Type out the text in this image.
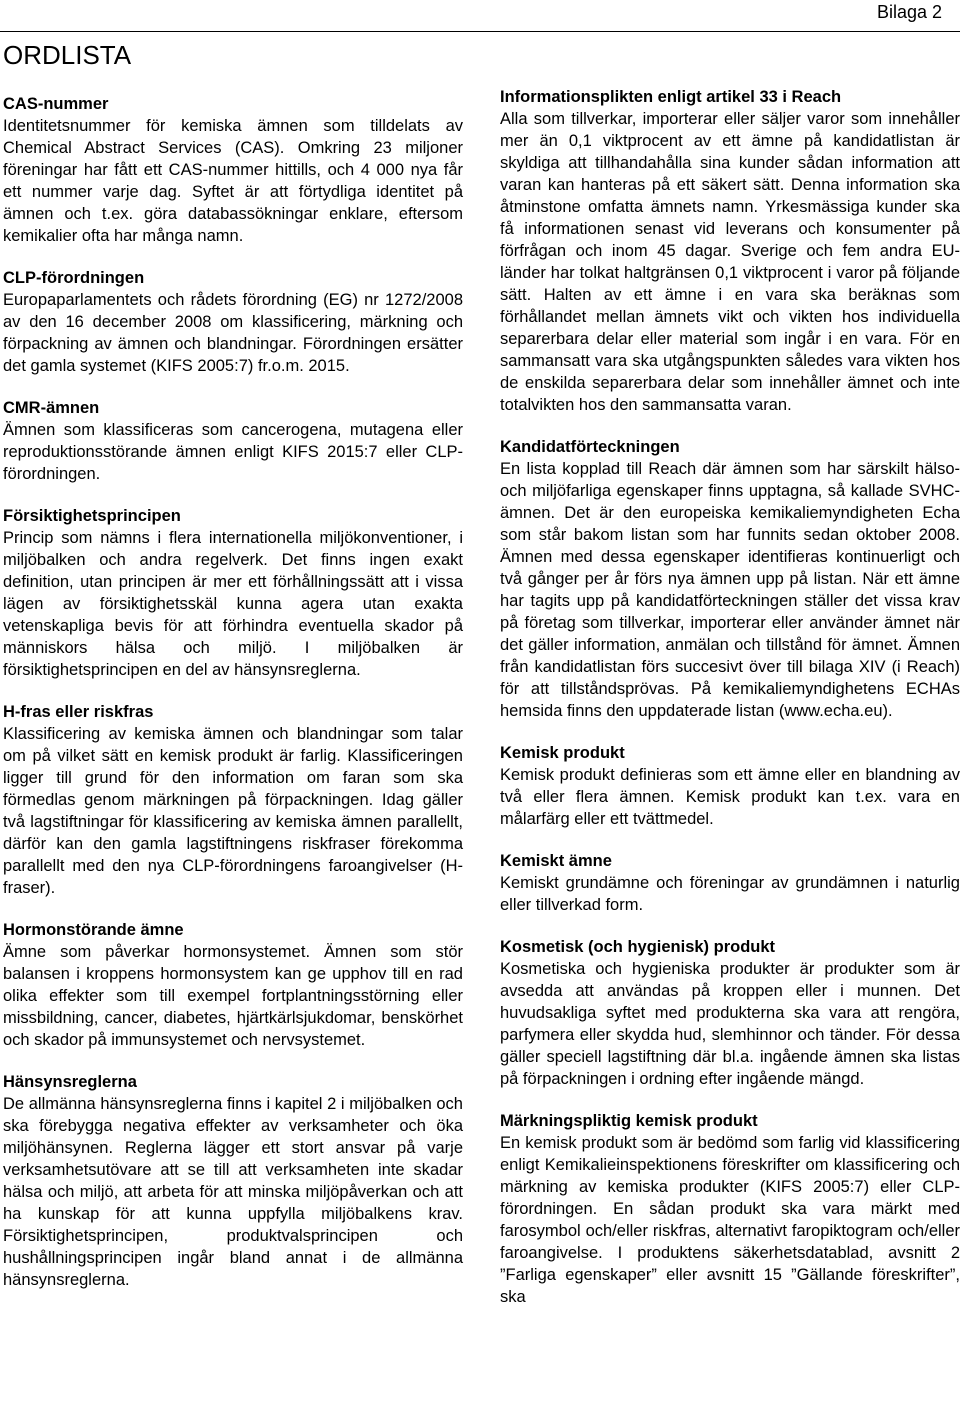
Bilaga 2
ORDLISTA
CAS-nummer
Identitetsnummer för kemiska ämnen som tilldelats av Chemical Abstract Services (CAS). Omkring 23 miljoner föreningar har fått ett CAS-nummer hittills, och 4 000 nya får ett nummer varje dag. Syftet är att förtydliga identitet på ämnen och t.ex. göra databassökningar enklare, eftersom kemikalier ofta har många namn.
CLP-förordningen
Europaparlamentets och rådets förordning (EG) nr 1272/2008 av den 16 december 2008 om klassificering, märkning och förpackning av ämnen och blandningar. Förordningen ersätter det gamla systemet (KIFS 2005:7) fr.o.m. 2015.
CMR-ämnen
Ämnen som klassificeras som cancerogena, mutagena eller reproduktionsstörande ämnen enligt KIFS 2015:7 eller CLP-förordningen.
Försiktighetsprincipen
Princip som nämns i flera internationella miljökonventioner, i miljöbalken och andra regelverk. Det finns ingen exakt definition, utan principen är mer ett förhållningssätt att i vissa lägen av försiktighetsskäl kunna agera utan exakta vetenskapliga bevis för att förhindra eventuella skador på människors hälsa och miljö. I miljöbalken är försiktighetsprincipen en del av hänsynsreglerna.
H-fras eller riskfras
Klassificering av kemiska ämnen och blandningar som talar om på vilket sätt en kemisk produkt är farlig. Klassificeringen ligger till grund för den information om faran som ska förmedlas genom märkningen på förpackningen. Idag gäller två lagstiftningar för klassificering av kemiska ämnen parallellt, därför kan den gamla lagstiftningens riskfraser förekomma parallellt med den nya CLP-förordningens faroangivelser (H-fraser).
Hormonstörande ämne
Ämne som påverkar hormonsystemet. Ämnen som stör balansen i kroppens hormonsystem kan ge upphov till en rad olika effekter som till exempel fortplantningsstörning eller missbildning, cancer, diabetes, hjärtkärlsjukdomar, benskörhet och skador på immunsystemet och nervsystemet.
Hänsynsreglerna
De allmänna hänsynsreglerna finns i kapitel 2 i miljöbalken och ska förebygga negativa effekter av verksamheter och öka miljöhänsynen. Reglerna lägger ett stort ansvar på varje verksamhetsutövare att se till att verksamheten inte skadar hälsa och miljö, att arbeta för att minska miljöpåverkan och att ha kunskap för att kunna uppfylla miljöbalkens krav. Försiktighetsprincipen, produktvalsprincipen och hushållningsprincipen ingår bland annat i de allmänna hänsynsreglerna.
Informationsplikten enligt artikel 33 i Reach
Alla som tillverkar, importerar eller säljer varor som innehåller mer än 0,1 viktprocent av ett ämne på kandidatlistan är skyldiga att tillhandahålla sina kunder sådan information att varan kan hanteras på ett säkert sätt. Denna information ska åtminstone omfatta ämnets namn. Yrkesmässiga kunder ska få informationen senast vid leverans och konsumenter på förfrågan och inom 45 dagar. Sverige och fem andra EU-länder har tolkat haltgränsen 0,1 viktprocent i varor på följande sätt. Halten av ett ämne i en vara ska beräknas som förhållandet mellan ämnets vikt och vikten hos individuella separerbara delar eller material som ingår i en vara. För en sammansatt vara ska utgångspunkten således vara vikten hos de enskilda separerbara delar som innehåller ämnet och inte totalvikten hos den sammansatta varan.
Kandidatförteckningen
En lista kopplad till Reach där ämnen som har särskilt hälso- och miljöfarliga egenskaper finns upptagna, så kallade SVHC-ämnen. Det är den europeiska kemikaliemyndigheten Echa som står bakom listan som har funnits sedan oktober 2008. Ämnen med dessa egenskaper identifieras kontinuerligt och två gånger per år förs nya ämnen upp på listan. När ett ämne har tagits upp på kandidatförteckningen ställer det vissa krav på företag som tillverkar, importerar eller använder ämnet när det gäller information, anmälan och tillstånd för ämnet. Ämnen från kandidatlistan förs succesivt över till bilaga XIV (i Reach) för att tillståndsprövas. På kemikaliemyndighetens ECHAs hemsida finns den uppdaterade listan (www.echa.eu).
Kemisk produkt
Kemisk produkt definieras som ett ämne eller en blandning av två eller flera ämnen. Kemisk produkt kan t.ex. vara en målarfärg eller ett tvättmedel.
Kemiskt ämne
Kemiskt grundämne och föreningar av grundämnen i naturlig eller tillverkad form.
Kosmetisk (och hygienisk) produkt
Kosmetiska och hygieniska produkter är produkter som är avsedda att användas på kroppen eller i munnen. Det huvudsakliga syftet med produkterna ska vara att rengöra, parfymera eller skydda hud, slemhinnor och tänder. För dessa gäller speciell lagstiftning där bl.a. ingående ämnen ska listas på förpackningen i ordning efter ingående mängd.
Märkningspliktig kemisk produkt
En kemisk produkt som är bedömd som farlig vid klassificering enligt Kemikalieinspektionens föreskrifter om klassificering och märkning av kemiska produkter (KIFS 2005:7) eller CLP-förordningen. En sådan produkt ska vara märkt med farosymbol och/eller riskfras, alternativt faropiktogram och/eller faroangivelse. I produktens säkerhetsdatablad, avsnitt 2 ”Farliga egenskaper” eller avsnitt 15 ”Gällande föreskrifter”, ska
